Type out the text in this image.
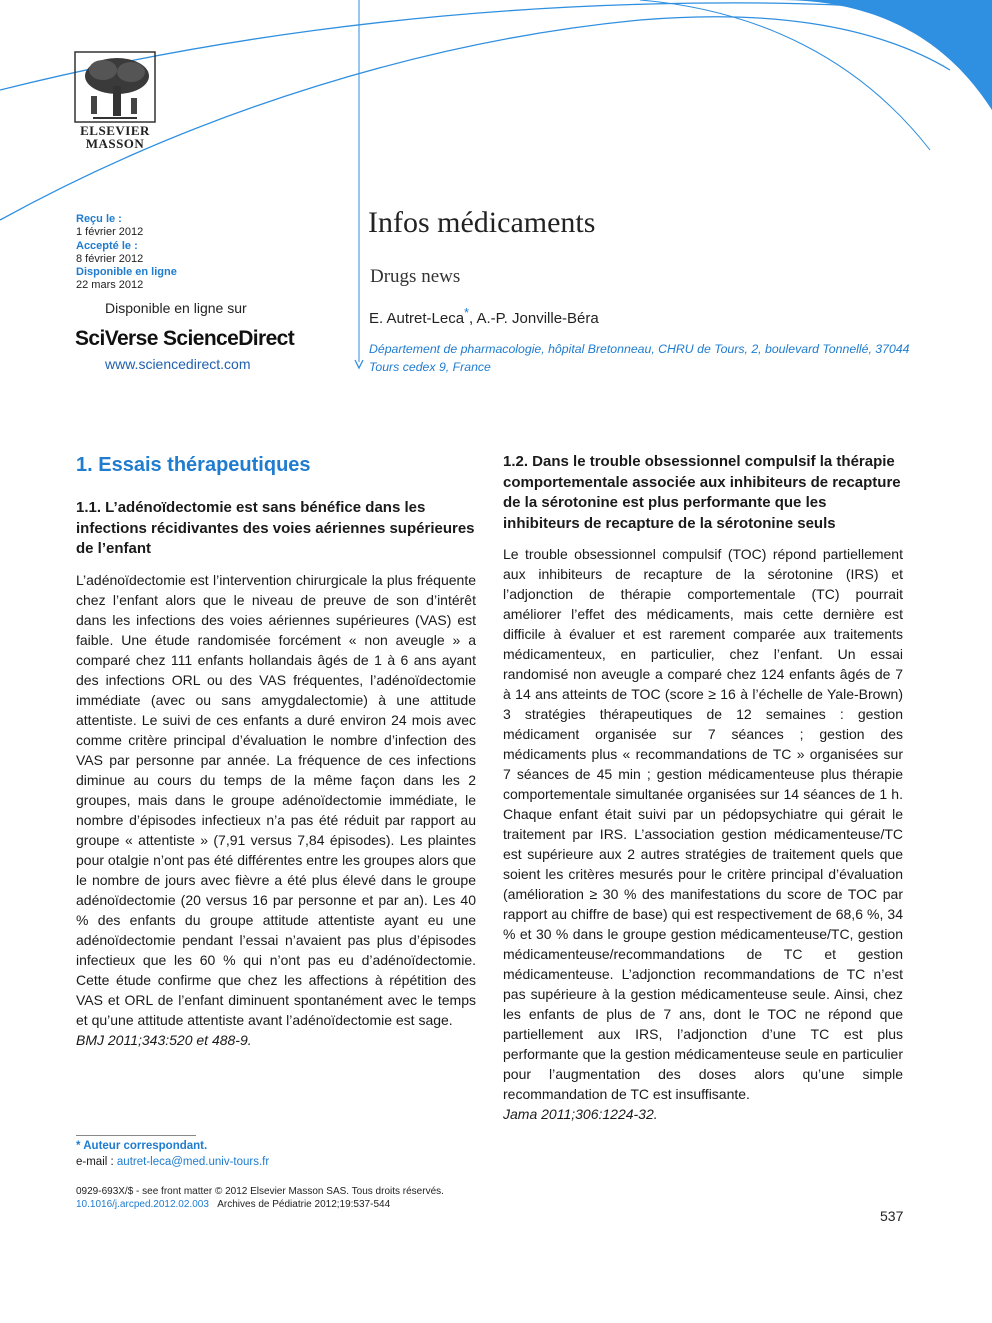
ELSEVIER
MASSON
Reçu le :
1 février 2012
Accepté le :
8 février 2012
Disponible en ligne
22 mars 2012
Disponible en ligne sur
SciVerse ScienceDirect
www.sciencedirect.com
Infos médicaments
Drugs news
E. Autret-Leca*, A.-P. Jonville-Béra
Département de pharmacologie, hôpital Bretonneau, CHRU de Tours, 2, boulevard Tonnellé, 37044 Tours cedex 9, France
1. Essais thérapeutiques
1.1. L’adénoïdectomie est sans bénéfice dans les infections récidivantes des voies aériennes supérieures de l’enfant

L’adénoïdectomie est l’intervention chirurgicale la plus fréquente chez l’enfant alors que le niveau de preuve de son d’intérêt dans les infections des voies aériennes supérieures (VAS) est faible. Une étude randomisée forcément « non aveugle » a comparé chez 111 enfants hollandais âgés de 1 à 6 ans ayant des infections ORL ou des VAS fréquentes, l’adénoïdectomie immédiate (avec ou sans amygdalectomie) à une attitude attentiste. Le suivi de ces enfants a duré environ 24 mois avec comme critère principal d’évaluation le nombre d’infection des VAS par personne par année. La fréquence de ces infections diminue au cours du temps de la même façon dans les 2 groupes, mais dans le groupe adénoïdectomie immédiate, le nombre d’épisodes infectieux n’a pas été réduit par rapport au groupe « attentiste » (7,91 versus 7,84 épisodes). Les plaintes pour otalgie n’ont pas été différentes entre les groupes alors que le nombre de jours avec fièvre a été plus élevé dans le groupe adénoïdectomie (20 versus 16 par personne et par an). Les 40 % des enfants du groupe attitude attentiste ayant eu une adénoïdectomie pendant l’essai n’avaient pas plus d’épisodes infectieux que les 60 % qui n’ont pas eu d’adénoïdectomie. Cette étude confirme que chez les affections à répétition des VAS et ORL de l’enfant diminuent spontanément avec le temps et qu’une attitude attentiste avant l’adénoïdectomie est sage.

BMJ 2011;343:520 et 488-9.

1.2. Dans le trouble obsessionnel compulsif la thérapie comportementale associée aux inhibiteurs de recapture de la sérotonine est plus performante que les inhibiteurs de recapture de la sérotonine seuls

Le trouble obsessionnel compulsif (TOC) répond partiellement aux inhibiteurs de recapture de la sérotonine (IRS) et l’adjonction de thérapie comportementale (TC) pourrait améliorer l’effet des médicaments, mais cette dernière est difficile à évaluer et est rarement comparée aux traitements médicamenteux, en particulier, chez l’enfant. Un essai randomisé non aveugle a comparé chez 124 enfants âgés de 7 à 14 ans atteints de TOC (score ≥ 16 à l’échelle de Yale-Brown) 3 stratégies thérapeutiques de 12 semaines : gestion médicament organisée sur 7 séances ; gestion des médicaments plus « recommandations de TC » organisées sur 7 séances de 45 min ; gestion médicamenteuse plus thérapie comportementale simultanée organisées sur 14 séances de 1 h. Chaque enfant était suivi par un pédopsychiatre qui gérait le traitement par IRS. L’association gestion médicamenteuse/TC est supérieure aux 2 autres stratégies de traitement quels que soient les critères mesurés pour le critère principal d’évaluation (amélioration ≥ 30 % des manifestations du score de TOC par rapport au chiffre de base) qui est respectivement de 68,6 %, 34 % et 30 % dans le groupe gestion médicamenteuse/TC, gestion médicamenteuse/recommandations de TC et gestion médicamenteuse. L’adjonction recommandations de TC n’est pas supérieure à la gestion médicamenteuse seule. Ainsi, chez les enfants de plus de 7 ans, dont le TOC ne répond que partiellement aux IRS, l’adjonction d’une TC est plus performante que la gestion médicamenteuse seule en particulier pour l’augmentation des doses alors qu’une simple recommandation de TC est insuffisante.

Jama 2011;306:1224-32.

* Auteur correspondant.
e-mail : autret-leca@med.univ-tours.fr
0929-693X/$ - see front matter © 2012 Elsevier Masson SAS. Tous droits réservés.
10.1016/j.arcped.2012.02.003 Archives de Pédiatrie 2012;19:537-544
537
